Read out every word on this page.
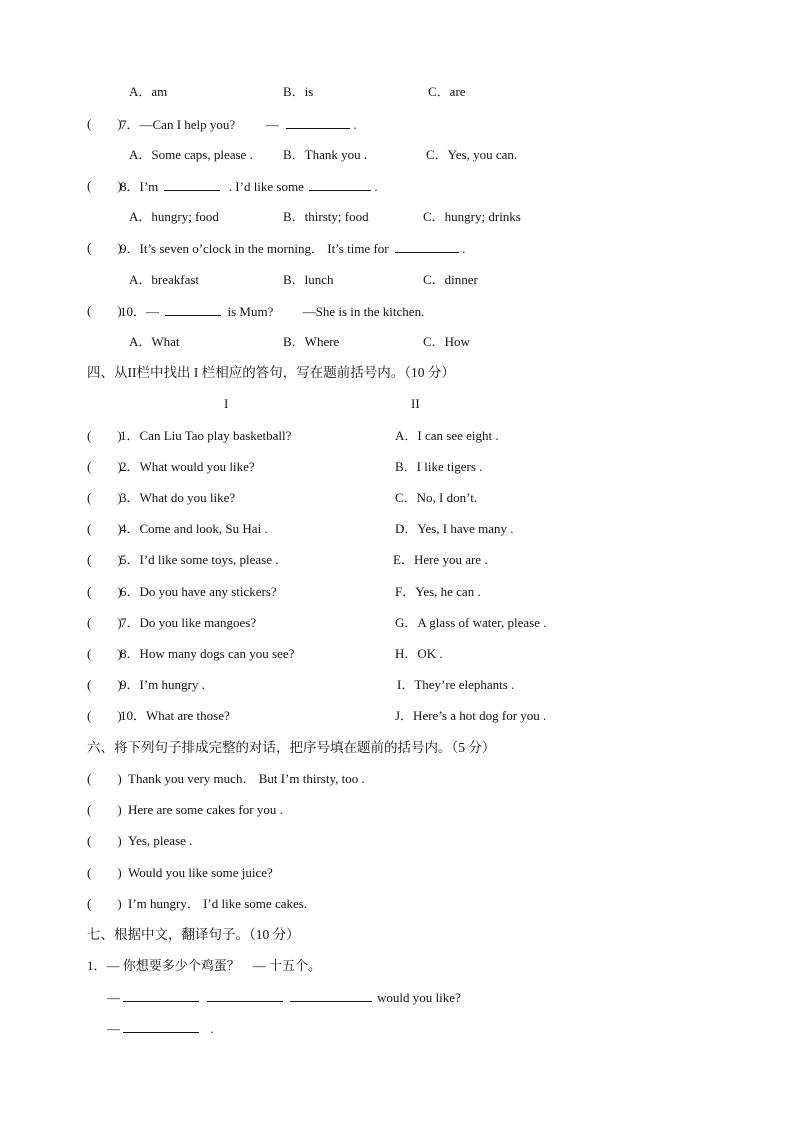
A．am	B．is	C．are
(　　)
7．—Can I help you? —	.
A．Some caps, please . B．Thank you .	C．Yes, you can.
(　　)
8．I’m	. I’d like some	.
A．hungry; food	B．thirsty; food	C．hungry; drinks
(　　)
9．It’s seven o’clock in the morning． It’s time for	.
A．breakfast	B．lunch	C．dinner
(　　)
10．—	is Mum? —She is in the kitchen.
A．What	B．Where	C．How
四、从II栏中找出 I 栏相应的答句，写在题前括号内。（10 分）
I	II
(　　)
1．Can Liu Tao play basketball?	A．I can see eight .
(　　)
2．What would you like?	B．I like tigers .
(　　)
3．What do you like?	C．No, I don’t.
(　　)
4．Come and look, Su Hai .	D．Yes, I have many .
(　　)
5．I’d like some toys, please .	E．Here you are .
(　　)
6．Do you have any stickers?	F．Yes, he can .
(　　)
7．Do you like mangoes?	G．A glass of water, please .
(　　)
8．How many dogs can you see?	H．OK .
(　　)
9．I’m hungry .	I．They’re elephants .
(　　)
10．What are those?	J．Here’s a hot dog for you .
六、将下列句子排成完整的对话，把序号填在题前的括号内。（5 分）
(　　) Thank you very much． But I’m thirsty, too .
(　　) Here are some cakes for you .
(　　) Yes, please .
(　　) Would you like some juice?
(　　) I’m hungry． I’d like some cakes.
七、根据中文，翻译句子。（10 分）
1．— 你想要多少个鸡蛋？　— 十五个。
—	would you like?
—	.
